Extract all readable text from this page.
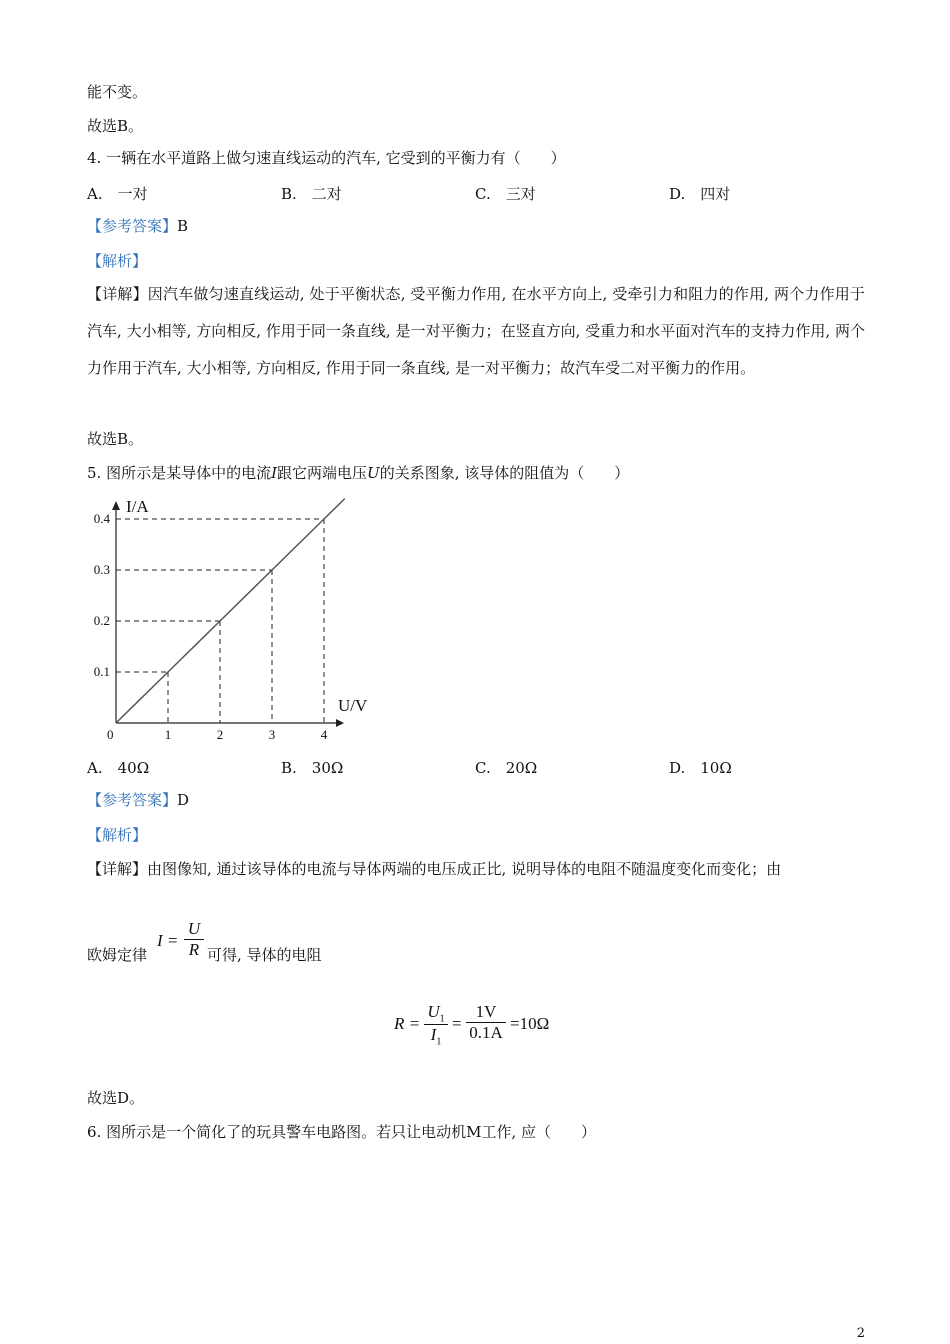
能不变。
故选B。
4. 一辆在水平道路上做匀速直线运动的汽车, 它受到的平衡力有（　　）
A.　一对	B.　二对	C.　三对	D.　四对
【参考答案】B
【解析】
【详解】因汽车做匀速直线运动, 处于平衡状态, 受平衡力作用, 在水平方向上, 受牵引力和阻力的作用, 两个力作用于汽车, 大小相等, 方向相反, 作用于同一条直线, 是一对平衡力；在竖直方向, 受重力和水平面对汽车的支持力作用, 两个力作用于汽车, 大小相等, 方向相反, 作用于同一条直线, 是一对平衡力；故汽车受二对平衡力的作用。
故选B。
5. 图所示是某导体中的电流I跟它两端电压U的关系图象, 该导体的阻值为（　　）
I/A
U/V
0	1	2	3	4
0.1
0.2
0.3
0.4
A.　40Ω	B.　30Ω	C.　20Ω	D.　10Ω
【参考答案】D
【解析】
【详解】由图像知, 通过该导体的电流与导体两端的电压成正比, 说明导体的电阻不随温度变化而变化；由
欧姆定律
$I = \frac{U}{R}$ 可得, 导体的电阻
$R = \frac{U_1}{I_1} = \frac{1V}{0.1A} =10\Omega$
故选D。
6. 图所示是一个简化了的玩具警车电路图。若只让电动机M工作, 应（　　）
2
